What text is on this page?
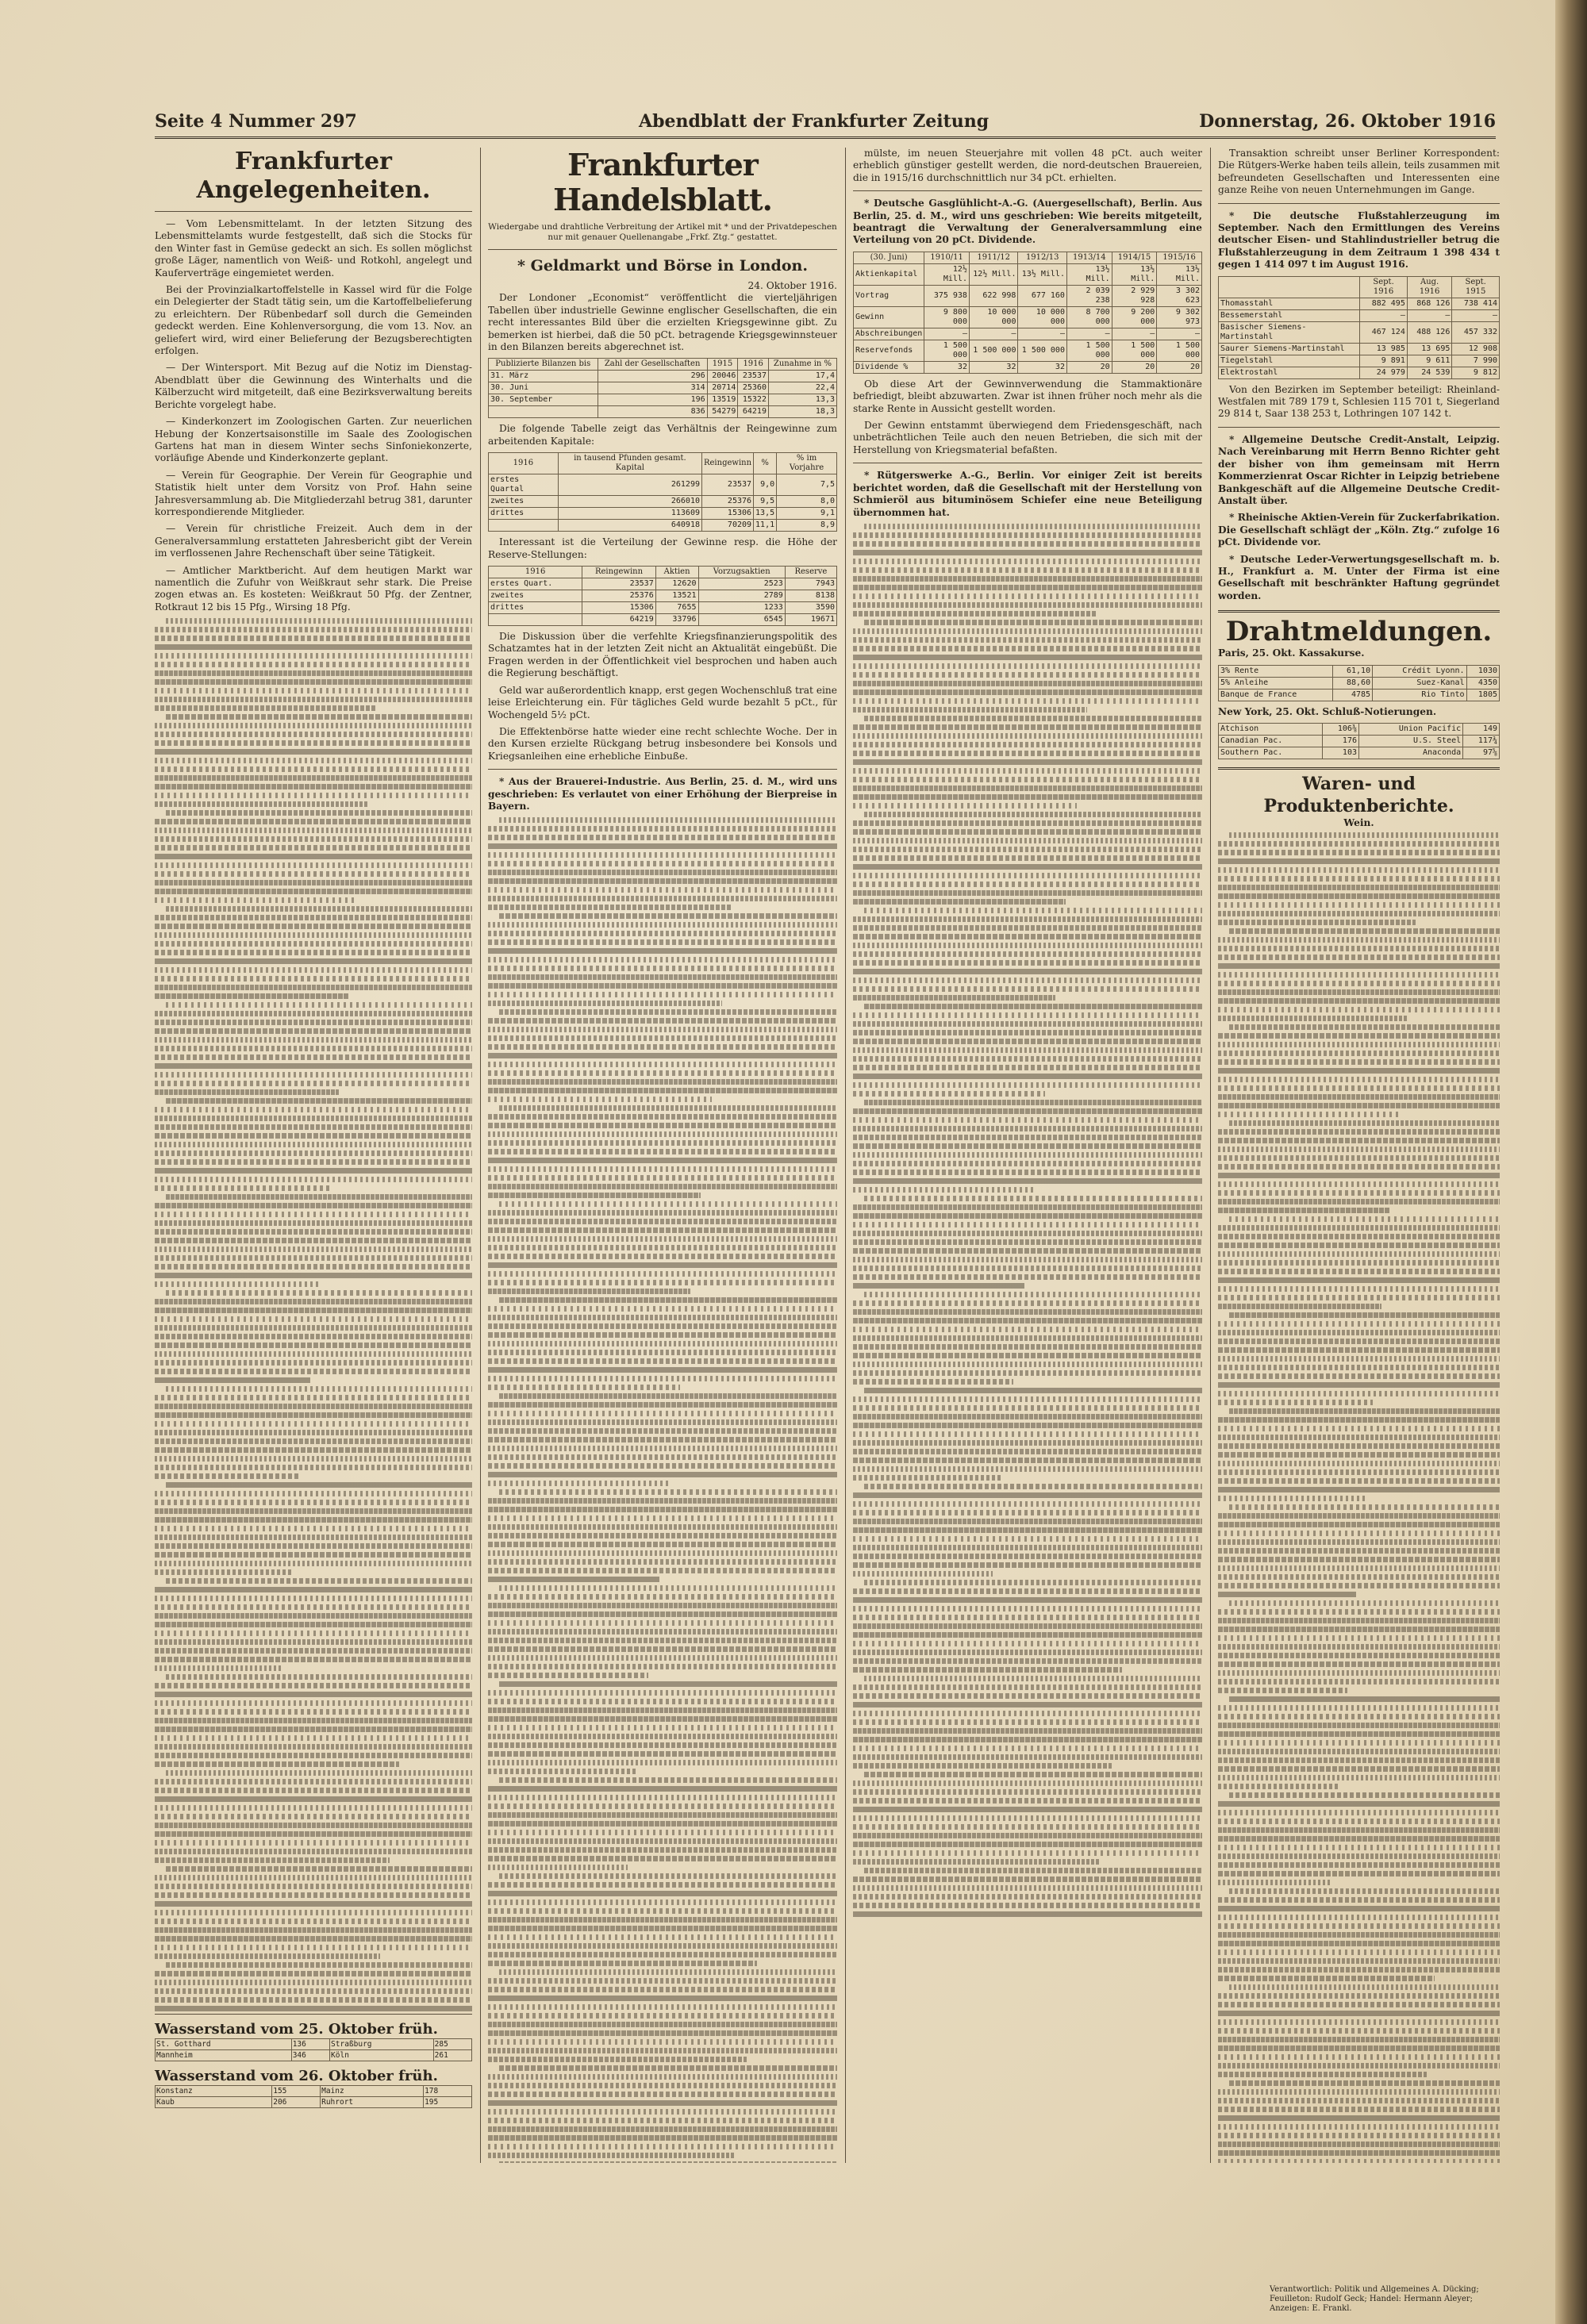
Seite 4 Nummer 297	Abendblatt der Frankfurter Zeitung	Donnerstag, 26. Oktober 1916
Frankfurter Angelegenheiten.

— Vom Lebensmittelamt. In der letzten Sitzung des Lebensmittelamts wurde festgestellt, daß sich die Stocks für den Winter fast in Gemüse gedeckt an sich. Es sollen möglichst große Läger, namentlich von Weiß- und Rotkohl, angelegt und Kauferverträge eingemietet werden.

Bei der Provinzialkartoffelstelle in Kassel wird für die Folge ein Delegierter der Stadt tätig sein, um die Kartoffelbelieferung zu erleichtern. Der Rübenbedarf soll durch die Gemeinden gedeckt werden. Eine Kohlenversorgung, die vom 13. Nov. an geliefert wird, wird einer Belieferung der Bezugsberechtigten erfolgen.

— Der Wintersport. Mit Bezug auf die Notiz im Dienstag-Abendblatt über die Gewinnung des Winterhalts und die Kälberzucht wird mitgeteilt, daß eine Bezirksverwaltung bereits Berichte vorgelegt habe.

— Kinderkonzert im Zoologischen Garten. Zur neuerlichen Hebung der Konzertsaisonstille im Saale des Zoologischen Gartens hat man in diesem Winter sechs Sinfoniekonzerte, vorläufige Abende und Kinderkonzerte geplant.

— Verein für Geographie. Der Verein für Geographie und Statistik hielt unter dem Vorsitz von Prof. Hahn seine Jahresversammlung ab. Die Mitgliederzahl betrug 381, darunter korrespondierende Mitglieder.

— Verein für christliche Freizeit. Auch dem in der Generalversammlung erstatteten Jahresbericht gibt der Verein im verflossenen Jahre Rechenschaft über seine Tätigkeit.

— Amtlicher Marktbericht. Auf dem heutigen Markt war namentlich die Zufuhr von Weißkraut sehr stark. Die Preise zogen etwas an. Es kosteten: Weißkraut 50 Pfg. der Zentner, Rotkraut 12 bis 15 Pfg., Wirsing 18 Pfg.

Wasserstand vom 25. Oktober früh.
St. Gotthard	136	Straßburg	285
Mannheim	346	Köln	261
Wasserstand vom 26. Oktober früh.
Konstanz	155	Mainz	178
Kaub	206	Ruhrort	195
Frankfurter Handelsblatt.
Wiedergabe und drahtliche Verbreitung der Artikel mit * und der Privatdepeschen nur mit genauer Quellenangabe „Frkf. Ztg.“ gestattet.
* Geldmarkt und Börse in London.
24. Oktober 1916.

Der Londoner „Economist“ veröffentlicht die vierteljährigen Tabellen über industrielle Gewinne englischer Gesellschaften, die ein recht interessantes Bild über die erzielten Kriegsgewinne gibt. Zu bemerken ist hierbei, daß die 50 pCt. betragende Kriegsgewinnsteuer in den Bilanzen bereits abgerechnet ist.

Publizierte Bilanzen bis	Zahl der Gesellschaften	1915	1916	Zunahme in %
31. März	296	20046	23537	17,4
30. Juni	314	20714	25360	22,4
30. September	196	13519	15322	13,3
	836	54279	64219	18,3

Die folgende Tabelle zeigt das Verhältnis der Reingewinne zum arbeitenden Kapitale:

1916	in tausend Pfunden gesamt. Kapital	Reingewinn	%	% im Vorjahre
erstes Quartal	261299	23537	9,0	7,5
zweites	266010	25376	9,5	8,0
drittes	113609	15306	13,5	9,1
	640918	70209	11,1	8,9

Interessant ist die Verteilung der Gewinne resp. die Höhe der Reserve-Stellungen:

1916	Reingewinn	Aktien	Vorzugsaktien	Reserve
erstes Quart.	23537	12620	2523	7943
zweites	25376	13521	2789	8138
drittes	15306	7655	1233	3590
	64219	33796	6545	19671

Die Diskussion über die verfehlte Kriegsfinanzierungspolitik des Schatzamtes hat in der letzten Zeit nicht an Aktualität eingebüßt. Die Fragen werden in der Öffentlichkeit viel besprochen und haben auch die Regierung beschäftigt.

Geld war außerordentlich knapp, erst gegen Wochenschluß trat eine leise Erleichterung ein. Für tägliches Geld wurde bezahlt 5 pCt., für Wochengeld 5½ pCt.

Die Effektenbörse hatte wieder eine recht schlechte Woche. Der in den Kursen erzielte Rückgang betrug insbesondere bei Konsols und Kriegsanleihen eine erhebliche Einbuße.

* Aus der Brauerei-Industrie. Aus Berlin, 25. d. M., wird uns geschrieben: Es verlautet von einer Erhöhung der Bierpreise in Bayern.

mülste, im neuen Steuerjahre mit vollen 48 pCt. auch weiter erheblich günstiger gestellt werden, die nord-deutschen Brauereien, die in 1915/16 durchschnittlich nur 34 pCt. erhielten.

* Deutsche Gasglühlicht-A.-G. (Auergesellschaft), Berlin. Aus Berlin, 25. d. M., wird uns geschrieben: Wie bereits mitgeteilt, beantragt die Verwaltung der Generalversammlung eine Verteilung von 20 pCt. Dividende.

(30. Juni)	1910/11	1911/12	1912/13	1913/14	1914/15	1915/16
Aktienkapital	12½ Mill.	12½ Mill.	13½ Mill.	13½ Mill.	13½ Mill.	13½ Mill.
Vortrag	375 938	622 998	677 160	2 039 238	2 929 928	3 302 623
Gewinn	9 800 000	10 000 000	10 000 000	8 700 000	9 200 000	9 302 973
Abschreibungen	—	—	—	—	—	—
Reservefonds	1 500 000	1 500 000	1 500 000	1 500 000	1 500 000	1 500 000
Dividende %	32	32	32	20	20	20

Ob diese Art der Gewinnverwendung die Stammaktionäre befriedigt, bleibt abzuwarten. Zwar ist ihnen früher noch mehr als die starke Rente in Aussicht gestellt worden.

Der Gewinn entstammt überwiegend dem Friedensgeschäft, nach unbeträchtlichen Teile auch den neuen Betrieben, die sich mit der Herstellung von Kriegsmaterial befaßten.

* Rütgerswerke A.-G., Berlin. Vor einiger Zeit ist bereits berichtet worden, daß die Gesellschaft mit der Herstellung von Schmieröl aus bituminösem Schiefer eine neue Beteiligung übernommen hat.

Transaktion schreibt unser Berliner Korrespondent: Die Rütgers-Werke haben teils allein, teils zusammen mit befreundeten Gesellschaften und Interessenten eine ganze Reihe von neuen Unternehmungen im Gange.

* Die deutsche Flußstahlerzeugung im September. Nach den Ermittlungen des Vereins deutscher Eisen- und Stahlindustrieller betrug die Flußstahlerzeugung in dem Zeitraum 1 398 434 t gegen 1 414 097 t im August 1916.

	Sept. 1916	Aug. 1916	Sept. 1915
Thomasstahl	882 495	868 126	738 414
Bessemerstahl	—	—	—
Basischer Siemens-Martinstahl	467 124	488 126	457 332
Saurer Siemens-Martinstahl	13 985	13 695	12 908
Tiegelstahl	9 891	9 611	7 990
Elektrostahl	24 979	24 539	9 812

Von den Bezirken im September beteiligt: Rheinland-Westfalen mit 789 179 t, Schlesien 115 701 t, Siegerland 29 814 t, Saar 138 253 t, Lothringen 107 142 t.

* Allgemeine Deutsche Credit-Anstalt, Leipzig. Nach Vereinbarung mit Herrn Benno Richter geht der bisher von ihm gemeinsam mit Herrn Kommerzienrat Oscar Richter in Leipzig betriebene Bankgeschäft auf die Allgemeine Deutsche Credit-Anstalt über.

* Rheinische Aktien-Verein für Zuckerfabrikation. Die Gesellschaft schlägt der „Köln. Ztg.“ zufolge 16 pCt. Dividende vor.

* Deutsche Leder-Verwertungsgesellschaft m. b. H., Frankfurt a. M. Unter der Firma ist eine Gesellschaft mit beschränkter Haftung gegründet worden.

Drahtmeldungen.
Paris, 25. Okt. Kassakurse.
3% Rente	61,10	Crédit Lyonn.	1030
5% Anleihe	88,60	Suez-Kanal	4350
Banque de France	4785	Rio Tinto	1805
New York, 25. Okt. Schluß-Notierungen.
Atchison	106⅜	Union Pacific	149
Canadian Pac.	176	U.S. Steel	117¾
Southern Pac.	103	Anaconda	97⅝
Waren- und Produktenberichte.
Wein.
Verantwortlich: Politik und Allgemeines A. Dücking; Feuilleton: Rudolf Geck; Handel: Hermann Aleyer; Anzeigen: E. Frankl.
